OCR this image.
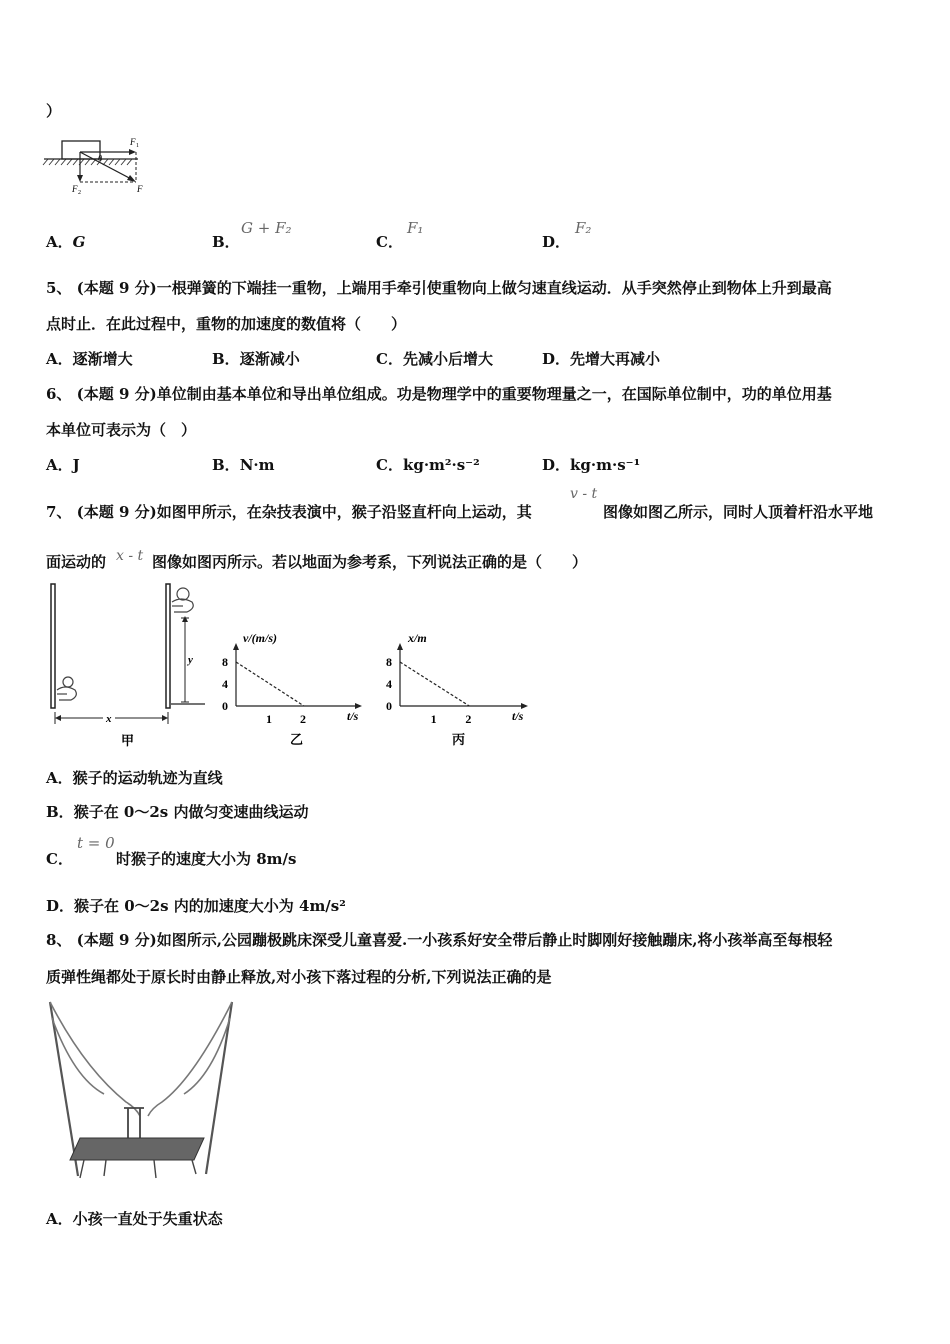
）
θ
F 1
F 2	F
A．G	B．
G + F₂
C．
F₁
D．
F₂
5、 (本题 9 分)一根弹簧的下端挂一重物，上端用手牵引使重物向上做匀速直线运动．从手突然停止到物体上升到最高
点时止．在此过程中，重物的加速度的数值将（　　）
A．逐渐增大	B．逐渐减小	C．先减小后增大	D．先增大再减小
6、 (本题 9 分)单位制由基本单位和导出单位组成。功是物理学中的重要物理量之一，在国际单位制中，功的单位用基
本单位可表示为（　）
A．J	B．N·m	C．kg·m²·s⁻²	D．kg·m·s⁻¹
7、 (本题 9 分)如图甲所示，在杂技表演中，猴子沿竖直杆向上运动，其
v - t
图像如图乙所示，同时人顶着杆沿水平地
面运动的 x - t 图像如图丙所示。若以地面为参考系，下列说法正确的是（　　）
y
x
甲
v/(m/s)
t/s
8
4
0
1 2
乙
x/m
t/s
8
4
0
1 2
丙
A．猴子的运动轨迹为直线
B．猴子在 0～2s 内做匀变速曲线运动
C．
t = 0
时猴子的速度大小为 8m/s
D．猴子在 0～2s 内的加速度大小为 4m/s²
8、 (本题 9 分)如图所示,公园蹦极跳床深受儿童喜爱.一小孩系好安全带后静止时脚刚好接触蹦床,将小孩举高至每根轻
质弹性绳都处于原长时由静止释放,对小孩下落过程的分析,下列说法正确的是
A．小孩一直处于失重状态
